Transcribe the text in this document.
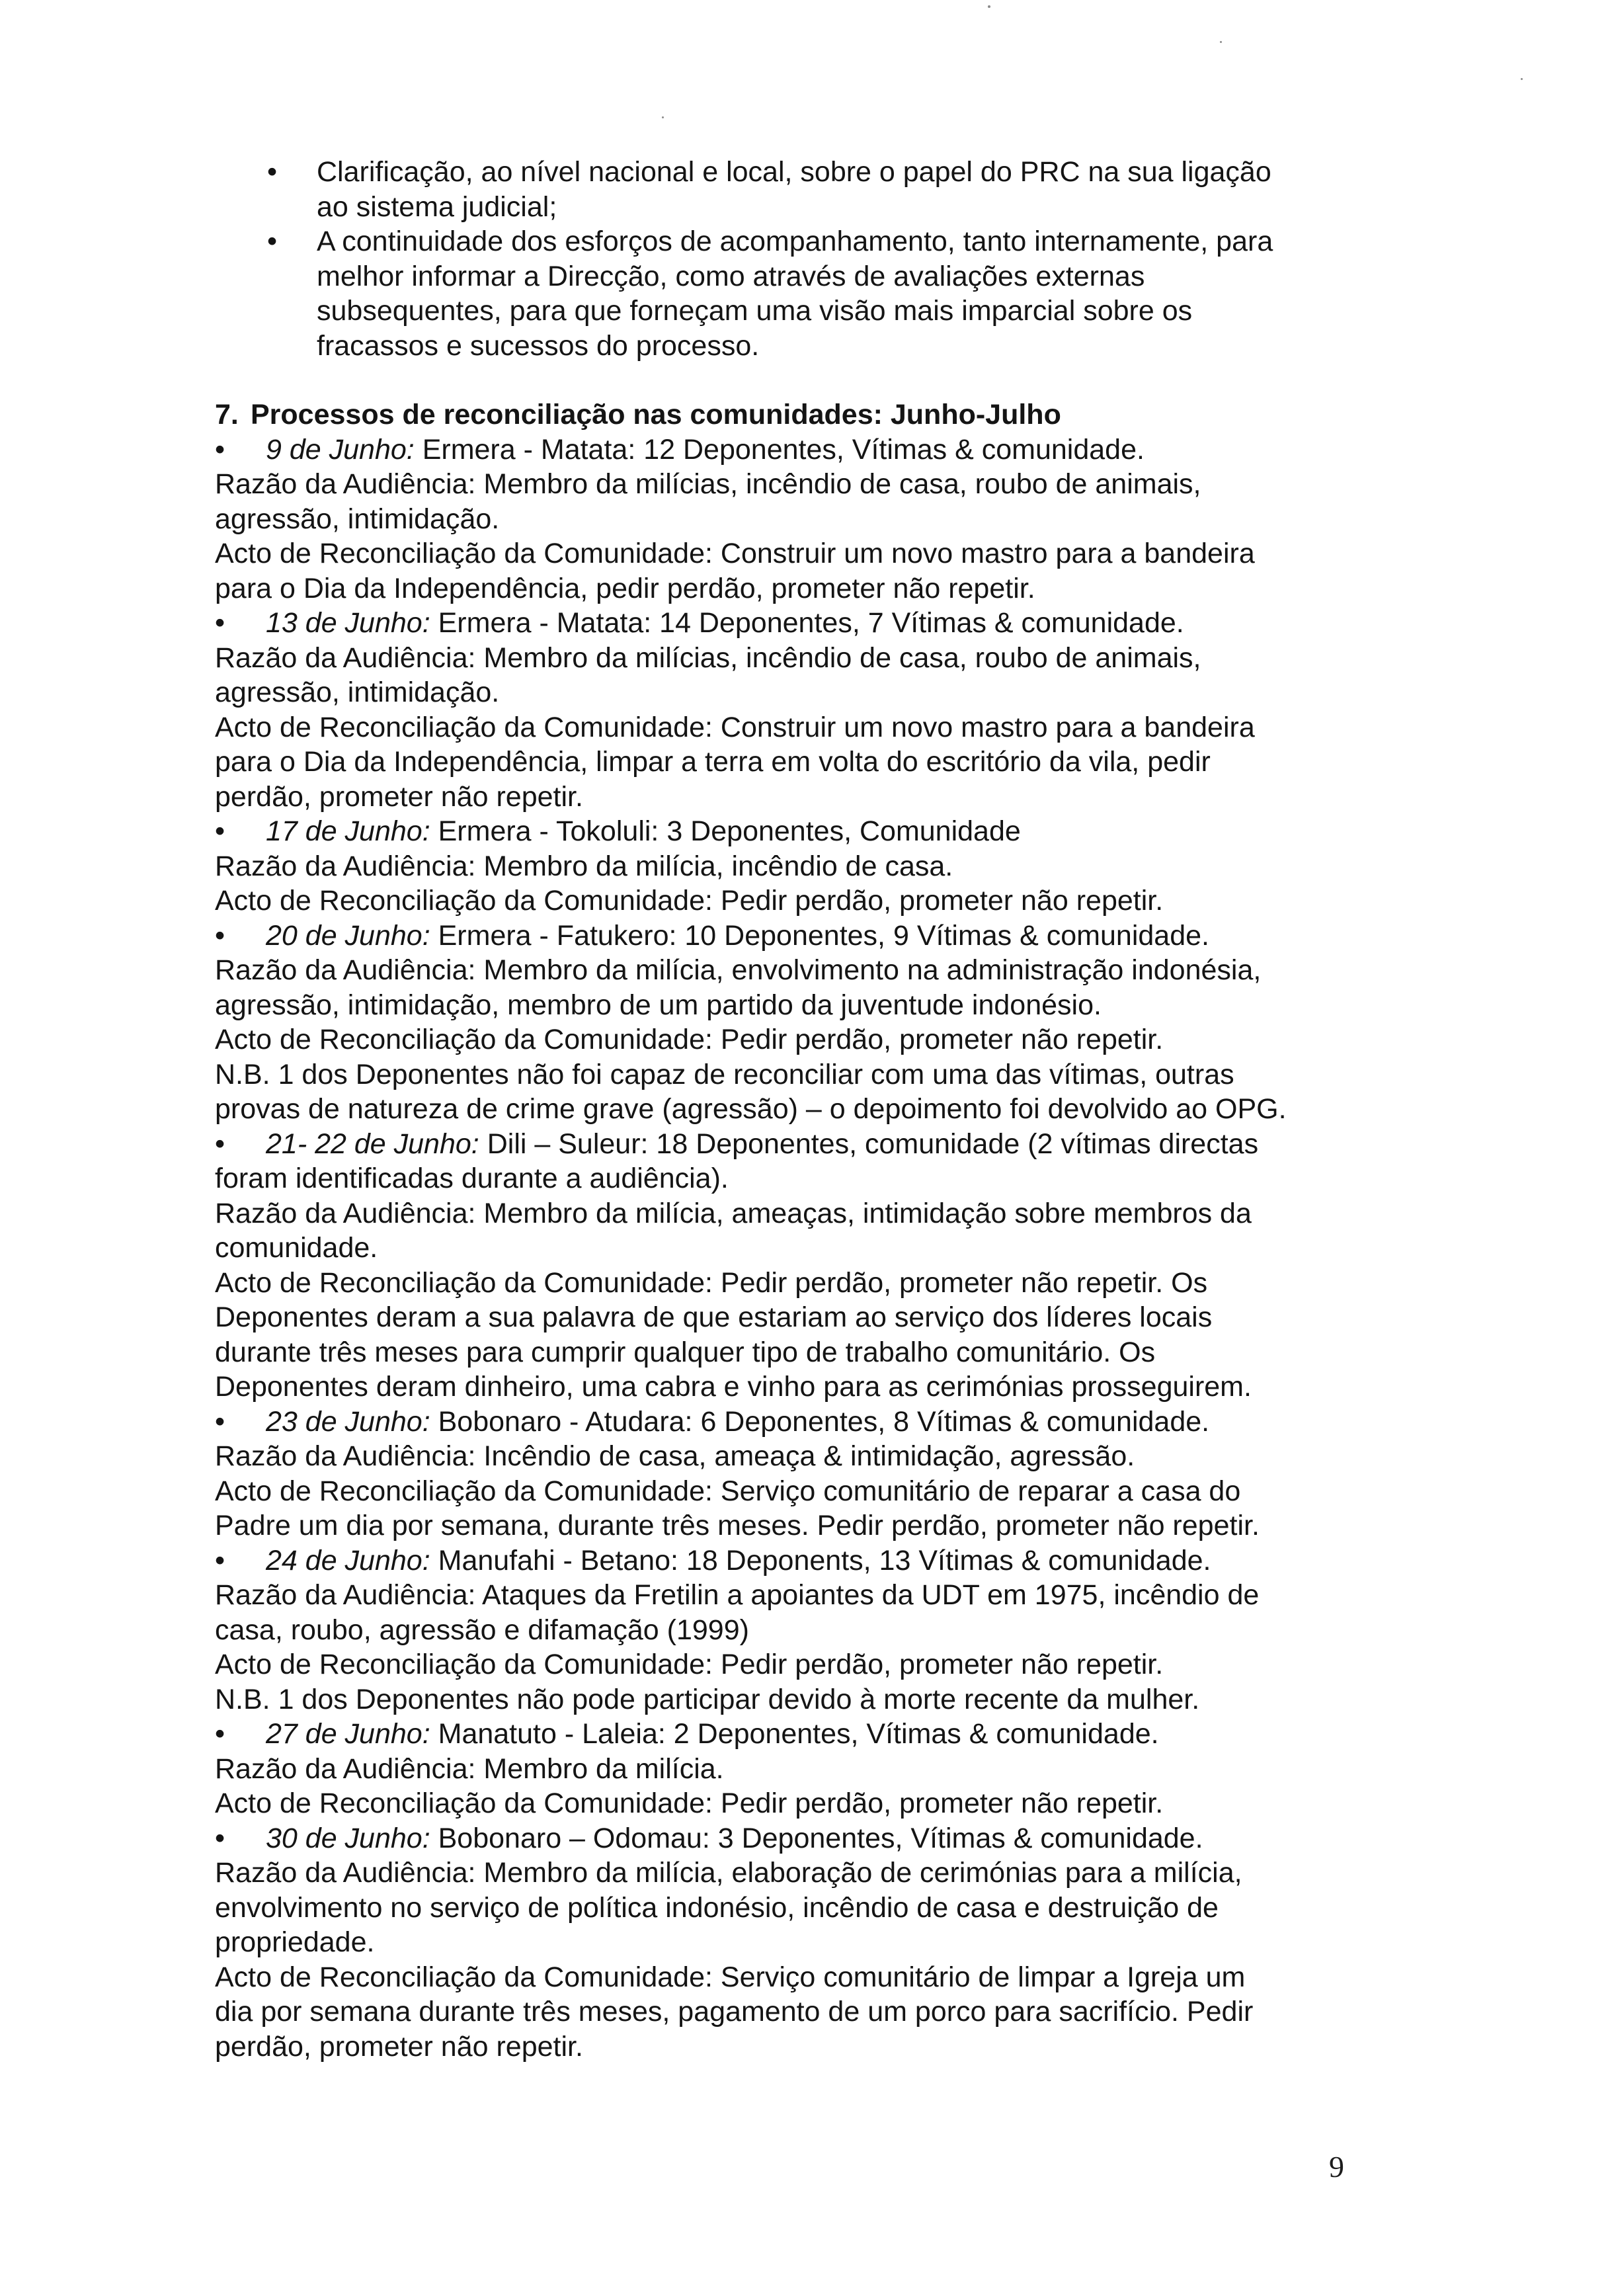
• Clarificação, ao nível nacional e local, sobre o papel do PRC na sua ligação
ao sistema judicial;
• A continuidade dos esforços de acompanhamento, tanto internamente, para
melhor informar a Direcção, como através de avaliações externas
subsequentes, para que forneçam uma visão mais imparcial sobre os
fracassos e sucessos do processo.
7. Processos de reconciliação nas comunidades: Junho-Julho
• 9 de Junho: Ermera - Matata: 12 Deponentes, Vítimas & comunidade.
Razão da Audiência: Membro da milícias, incêndio de casa, roubo de animais,
agressão, intimidação.
Acto de Reconciliação da Comunidade: Construir um novo mastro para a bandeira
para o Dia da Independência, pedir perdão, prometer não repetir.
• 13 de Junho: Ermera - Matata: 14 Deponentes, 7 Vítimas & comunidade.
Razão da Audiência: Membro da milícias, incêndio de casa, roubo de animais,
agressão, intimidação.
Acto de Reconciliação da Comunidade: Construir um novo mastro para a bandeira
para o Dia da Independência, limpar a terra em volta do escritório da vila, pedir
perdão, prometer não repetir.
• 17 de Junho: Ermera - Tokoluli: 3 Deponentes, Comunidade
Razão da Audiência: Membro da milícia, incêndio de casa.
Acto de Reconciliação da Comunidade: Pedir perdão, prometer não repetir.
• 20 de Junho: Ermera - Fatukero: 10 Deponentes, 9 Vítimas & comunidade.
Razão da Audiência: Membro da milícia, envolvimento na administração indonésia,
agressão, intimidação, membro de um partido da juventude indonésio.
Acto de Reconciliação da Comunidade: Pedir perdão, prometer não repetir.
N.B. 1 dos Deponentes não foi capaz de reconciliar com uma das vítimas, outras
provas de natureza de crime grave (agressão) – o depoimento foi devolvido ao OPG.
• 21- 22 de Junho: Dili – Suleur: 18 Deponentes, comunidade (2 vítimas directas
foram identificadas durante a audiência).
Razão da Audiência: Membro da milícia, ameaças, intimidação sobre membros da
comunidade.
Acto de Reconciliação da Comunidade: Pedir perdão, prometer não repetir. Os
Deponentes deram a sua palavra de que estariam ao serviço dos líderes locais
durante três meses para cumprir qualquer tipo de trabalho comunitário. Os
Deponentes deram dinheiro, uma cabra e vinho para as cerimónias prosseguirem.
• 23 de Junho: Bobonaro - Atudara: 6 Deponentes, 8 Vítimas & comunidade.
Razão da Audiência: Incêndio de casa, ameaça & intimidação, agressão.
Acto de Reconciliação da Comunidade: Serviço comunitário de reparar a casa do
Padre um dia por semana, durante três meses. Pedir perdão, prometer não repetir.
• 24 de Junho: Manufahi - Betano: 18 Deponents, 13 Vítimas & comunidade.
Razão da Audiência: Ataques da Fretilin a apoiantes da UDT em 1975, incêndio de
casa, roubo, agressão e difamação (1999)
Acto de Reconciliação da Comunidade: Pedir perdão, prometer não repetir.
N.B. 1 dos Deponentes não pode participar devido à morte recente da mulher.
• 27 de Junho: Manatuto - Laleia: 2 Deponentes, Vítimas & comunidade.
Razão da Audiência: Membro da milícia.
Acto de Reconciliação da Comunidade: Pedir perdão, prometer não repetir.
• 30 de Junho: Bobonaro – Odomau: 3 Deponentes, Vítimas & comunidade.
Razão da Audiência: Membro da milícia, elaboração de cerimónias para a milícia,
envolvimento no serviço de política indonésio, incêndio de casa e destruição de
propriedade.
Acto de Reconciliação da Comunidade: Serviço comunitário de limpar a Igreja um
dia por semana durante três meses, pagamento de um porco para sacrifício. Pedir
perdão, prometer não repetir.
9
